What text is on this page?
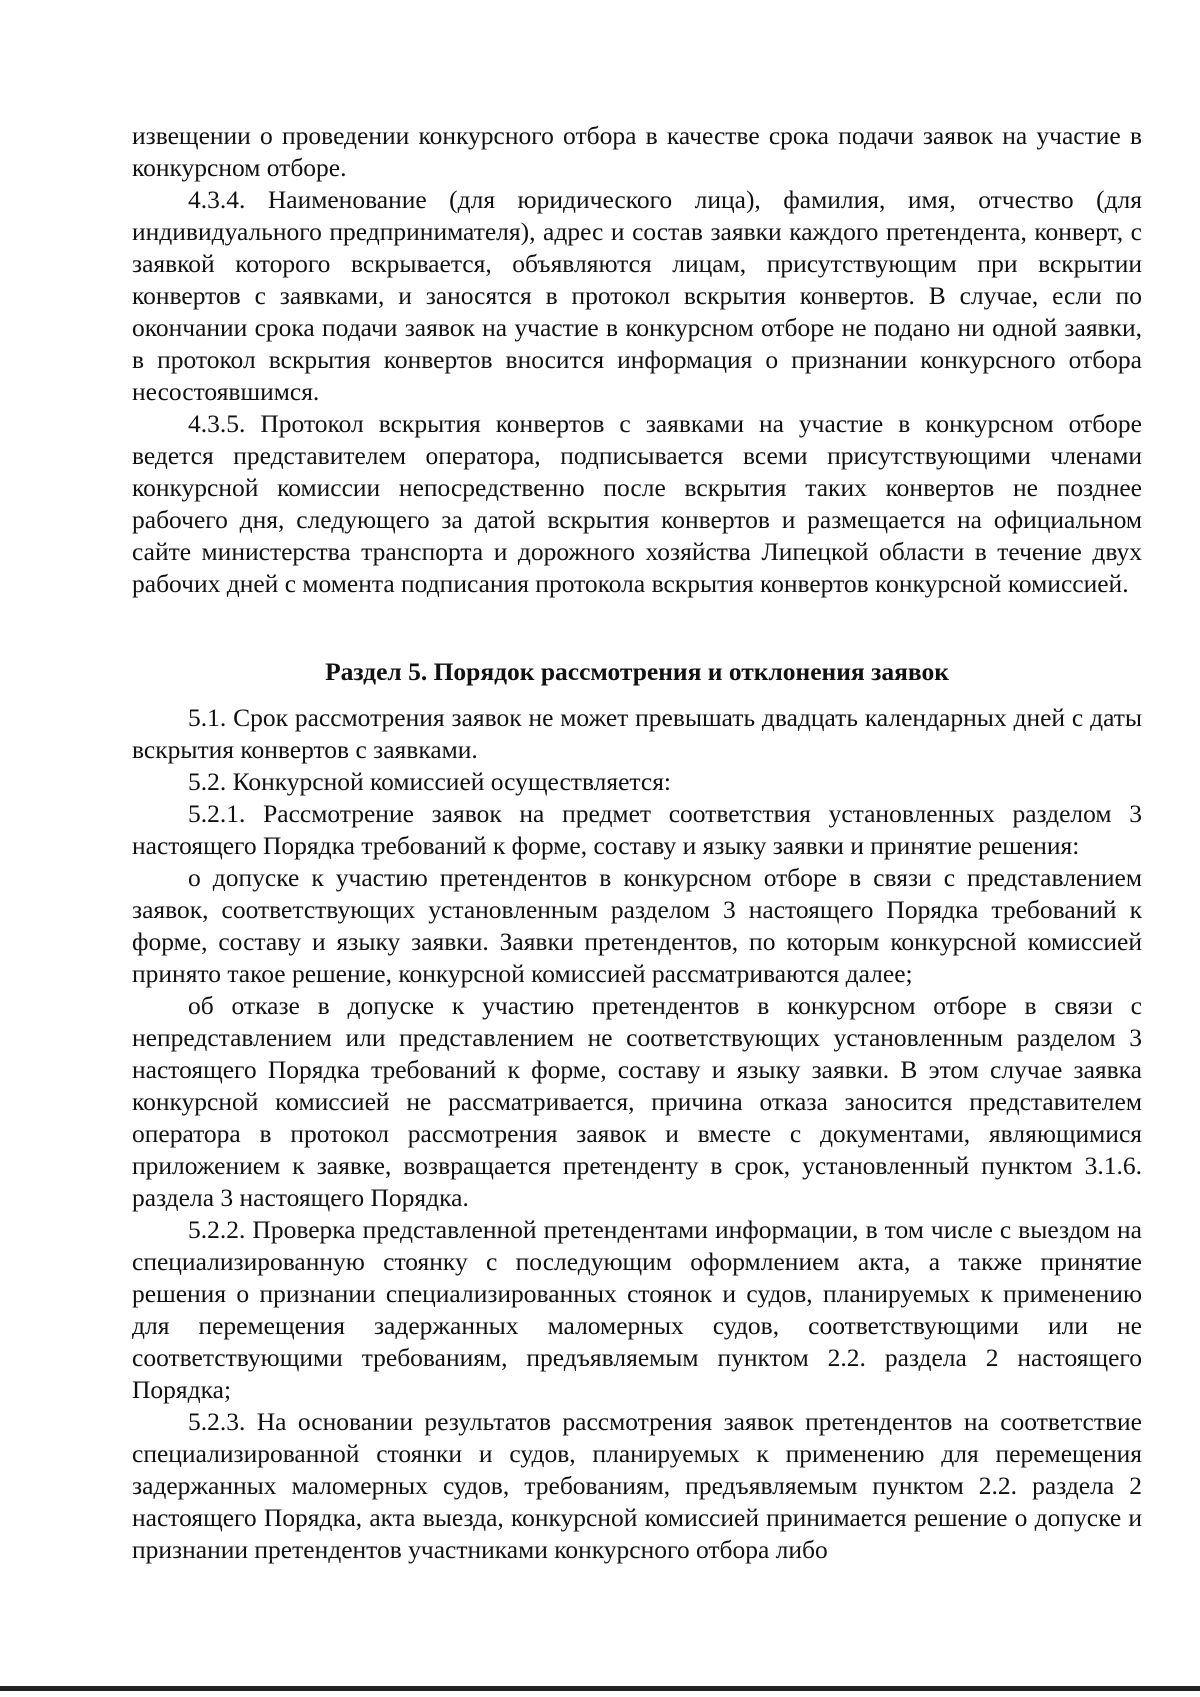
извещении о проведении конкурсного отбора в качестве срока подачи заявок на участие в конкурсном отборе.

4.3.4. Наименование (для юридического лица), фамилия, имя, отчество (для индивидуального предпринимателя), адрес и состав заявки каждого претендента, конверт, с заявкой которого вскрывается, объявляются лицам, присутствующим при вскрытии конвертов с заявками, и заносятся в протокол вскрытия конвертов. В случае, если по окончании срока подачи заявок на участие в конкурсном отборе не подано ни одной заявки, в протокол вскрытия конвертов вносится информация о признании конкурсного отбора несостоявшимся.

4.3.5. Протокол вскрытия конвертов с заявками на участие в конкурсном отборе ведется представителем оператора, подписывается всеми присутствующими членами конкурсной комиссии непосредственно после вскрытия таких конвертов не позднее рабочего дня, следующего за датой вскрытия конвертов и размещается на официальном сайте министерства транспорта и дорожного хозяйства Липецкой области в течение двух рабочих дней с момента подписания протокола вскрытия конвертов конкурсной комиссией.

Раздел 5. Порядок рассмотрения и отклонения заявок

5.1. Срок рассмотрения заявок не может превышать двадцать календарных дней с даты вскрытия конвертов с заявками.

5.2. Конкурсной комиссией осуществляется:

5.2.1. Рассмотрение заявок на предмет соответствия установленных разделом 3 настоящего Порядка требований к форме, составу и языку заявки и принятие решения:

о допуске к участию претендентов в конкурсном отборе в связи с представлением заявок, соответствующих установленным разделом 3 настоящего Порядка требований к форме, составу и языку заявки. Заявки претендентов, по которым конкурсной комиссией принято такое решение, конкурсной комиссией рассматриваются далее;

об отказе в допуске к участию претендентов в конкурсном отборе в связи с непредставлением или представлением не соответствующих установленным разделом 3 настоящего Порядка требований к форме, составу и языку заявки. В этом случае заявка конкурсной комиссией не рассматривается, причина отказа заносится представителем оператора в протокол рассмотрения заявок и вместе с документами, являющимися приложением к заявке, возвращается претенденту в срок, установленный пунктом 3.1.6. раздела 3 настоящего Порядка.

5.2.2. Проверка представленной претендентами информации, в том числе с выездом на специализированную стоянку с последующим оформлением акта, а также принятие решения о признании специализированных стоянок и судов, планируемых к применению для перемещения задержанных маломерных судов, соответствующими или не соответствующими требованиям, предъявляемым пунктом 2.2. раздела 2 настоящего Порядка;

5.2.3. На основании результатов рассмотрения заявок претендентов на соответствие специализированной стоянки и судов, планируемых к применению для перемещения задержанных маломерных судов, требованиям, предъявляемым пунктом 2.2. раздела 2 настоящего Порядка, акта выезда, конкурсной комиссией принимается решение о допуске и признании претендентов участниками конкурсного отбора либо
